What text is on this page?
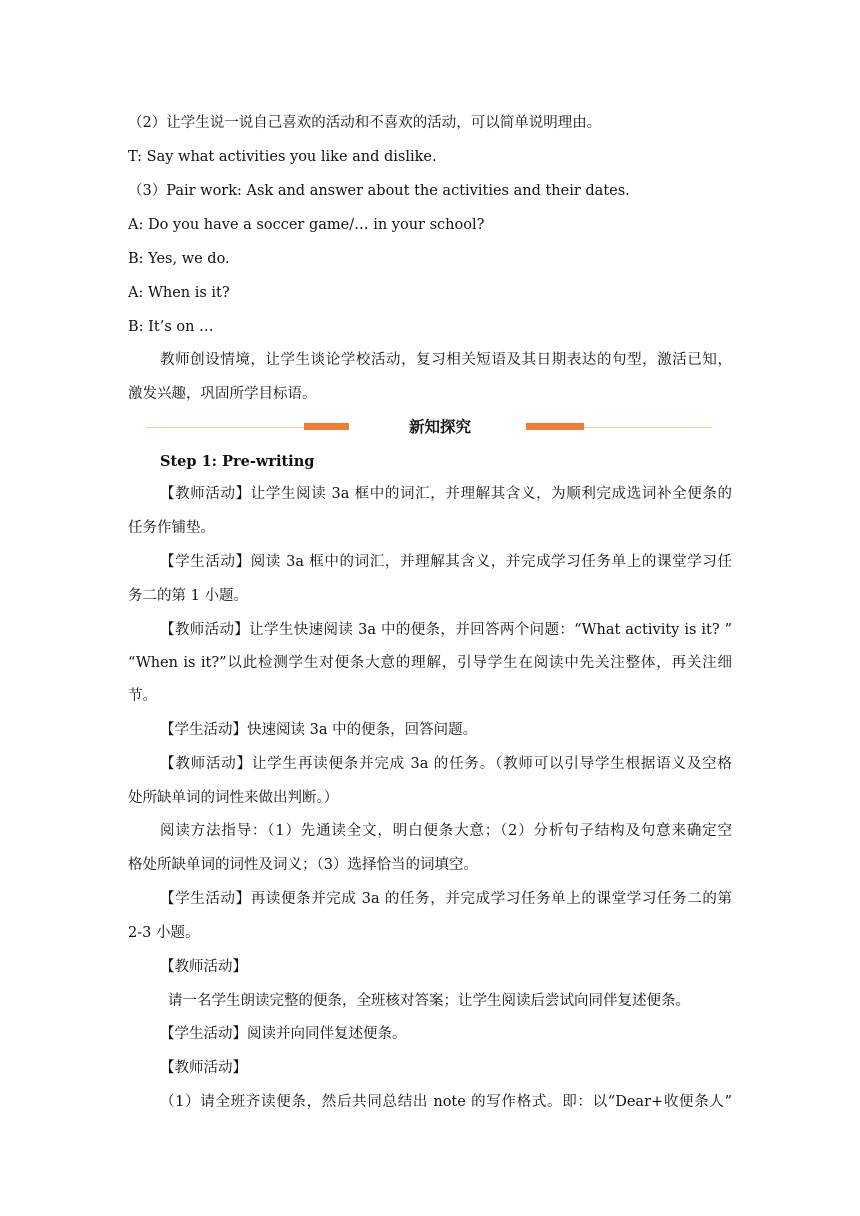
（2）让学生说一说自己喜欢的活动和不喜欢的活动，可以简单说明理由。
T: Say what activities you like and dislike.
（3）Pair work: Ask and answer about the activities and their dates.
A: Do you have a soccer game/… in your school?
B: Yes, we do.
A: When is it?
B: It’s on …
教师创设情境，让学生谈论学校活动，复习相关短语及其日期表达的句型，激活已知，
激发兴趣，巩固所学目标语。
新知探究
Step 1: Pre-writing
【教师活动】让学生阅读 3a 框中的词汇，并理解其含义，为顺利完成选词补全便条的
任务作铺垫。
【学生活动】阅读 3a 框中的词汇，并理解其含义，并完成学习任务单上的课堂学习任
务二的第 1 小题。
【教师活动】让学生快速阅读 3a 中的便条，并回答两个问题：“What activity is it? ”
“When is it?”以此检测学生对便条大意的理解，引导学生在阅读中先关注整体，再关注细
节。
【学生活动】快速阅读 3a 中的便条，回答问题。
【教师活动】让学生再读便条并完成 3a 的任务。（教师可以引导学生根据语义及空格
处所缺单词的词性来做出判断。）
阅读方法指导：（1）先通读全文，明白便条大意；（2）分析句子结构及句意来确定空
格处所缺单词的词性及词义；（3）选择恰当的词填空。
【学生活动】再读便条并完成 3a 的任务，并完成学习任务单上的课堂学习任务二的第
2-3 小题。
【教师活动】
请一名学生朗读完整的便条，全班核对答案；让学生阅读后尝试向同伴复述便条。
【学生活动】阅读并向同伴复述便条。
【教师活动】
（1）请全班齐读便条，然后共同总结出 note 的写作格式。即：以“Dear+收便条人”
